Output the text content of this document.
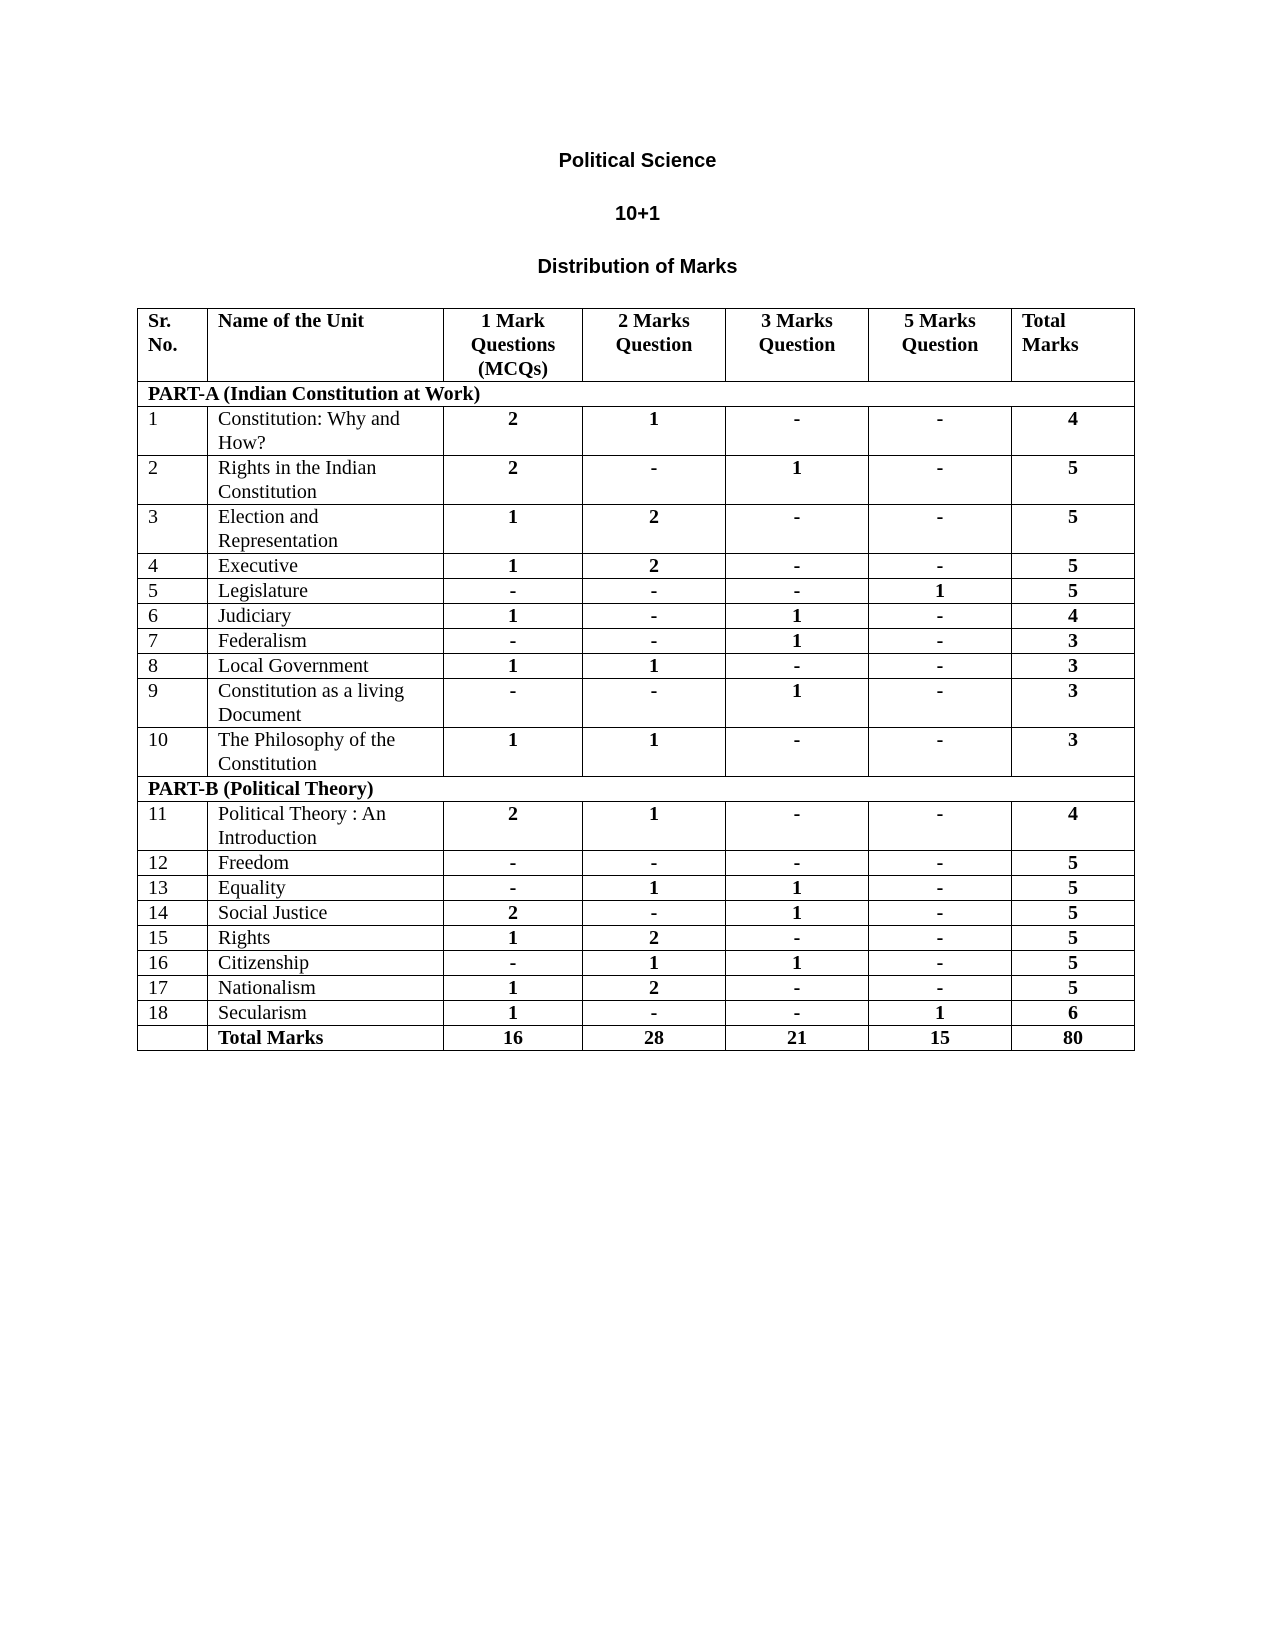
Political Science
10+1
Distribution of Marks
Sr. No.	Name of the Unit	1 Mark Questions (MCQs)	2 Marks Question	3 Marks Question	5 Marks Question	Total Marks
PART-A (Indian Constitution at Work)						
1	Constitution: Why and How?	2	1	-	-	4
2	Rights in the Indian Constitution	2	-	1	-	5
3	Election and Representation	1	2	-	-	5
4	Executive	1	2	-	-	5
5	Legislature	-	-	-	1	5
6	Judiciary	1	-	1	-	4
7	Federalism	-	-	1	-	3
8	Local Government	1	1	-	-	3
9	Constitution as a living Document	-	-	1	-	3
10	The Philosophy of the Constitution	1	1	-	-	3
PART-B (Political Theory)						
11	Political Theory : An Introduction	2	1	-	-	4
12	Freedom	-	-	-	-	5
13	Equality	-	1	1	-	5
14	Social Justice	2	-	1	-	5
15	Rights	1	2	-	-	5
16	Citizenship	-	1	1	-	5
17	Nationalism	1	2	-	-	5
18	Secularism	1	-	-	1	6
	Total Marks	16	28	21	15	80
